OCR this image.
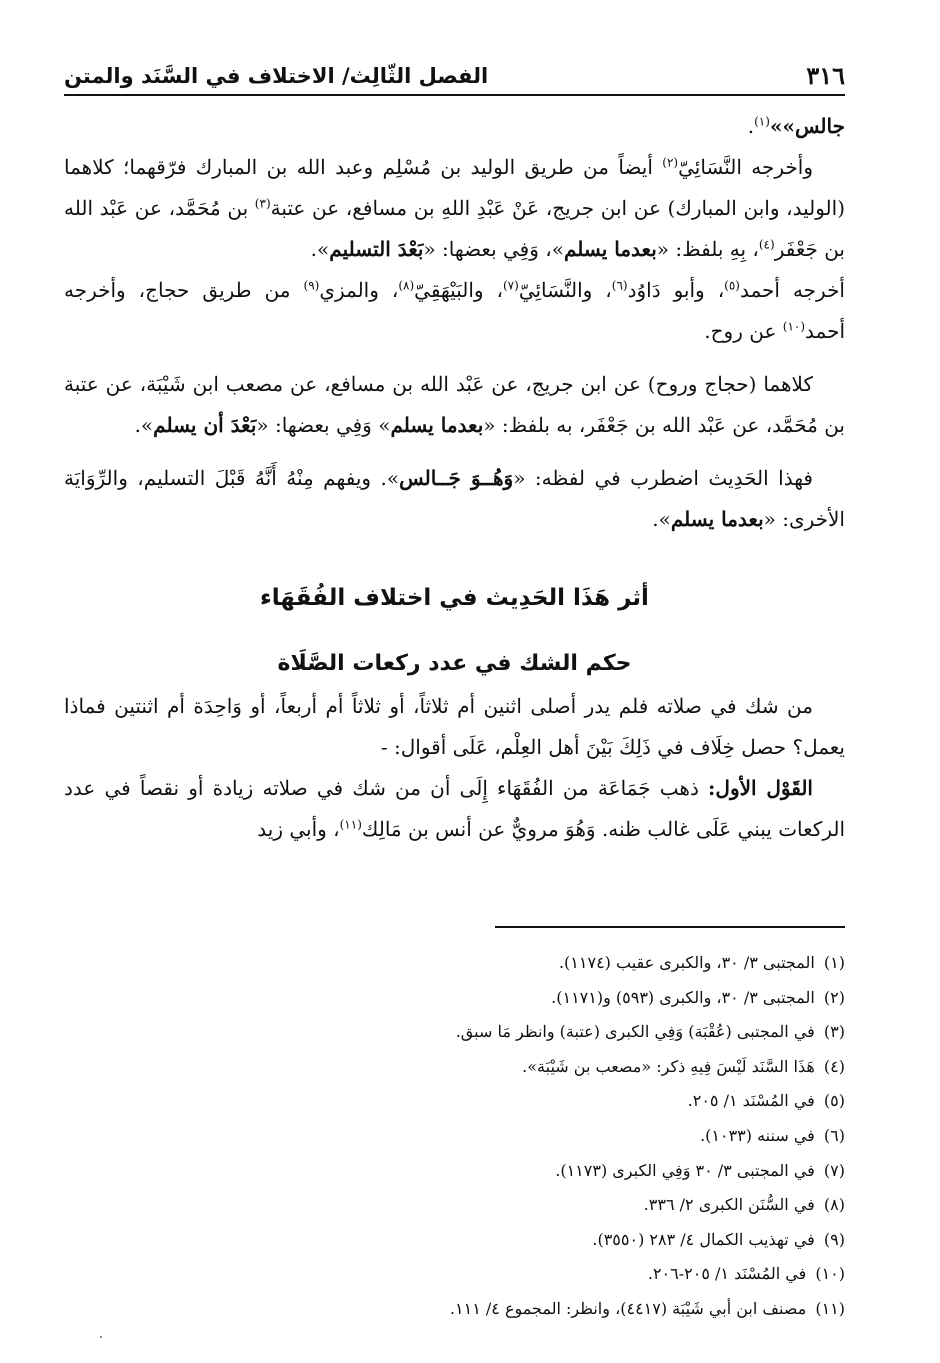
٣١٦
الفصل الثّالِث/ الاختلاف في السَّنَد والمتن

جالس»»$^{(١)}$.

وأخرجه النَّسَائِيّ$^{(٢)}$ أيضاً من طريق الوليد بن مُسْلِم وعبد الله بن المبارك فرّقهما؛ كلاهما (الوليد، وابن المبارك) عن ابن جريج، عَنْ عَبْدِ اللهِ بن مسافع، عن عتبة$^{(٣)}$ بن مُحَمَّد، عن عَبْد الله بن جَعْفَر$^{(٤)}$، بِهِ بلفظ: «بعدما يسلم»، وَفِي بعضها: «بَعْدَ التسليم».

أخرجه أحمد$^{(٥)}$، وأبو دَاوُد$^{(٦)}$، والنَّسَائِيّ$^{(٧)}$، والبَيْهَقِيّ$^{(٨)}$، والمزي$^{(٩)}$ من طريق حجاج، وأخرجه أحمد$^{(١٠)}$ عن روح.

كلاهما (حجاج وروح) عن ابن جريج، عن عَبْد الله بن مسافع، عن مصعب ابن شَيْبَة، عن عتبة بن مُحَمَّد، عن عَبْد الله بن جَعْفَر، به بلفظ: «بعدما يسلم» وَفِي بعضها: «بَعْدَ أن يسلم».

فهذا الحَدِيث اضطرب في لفظه: «وَهُــوَ جَــالس». ويفهم مِنْهُ أَنَّهُ قَبْلَ التسليم، والرِّوَايَة الأخرى: «بعدما يسلم».

أثر هَذَا الحَدِيث في اختلاف الفُقَهَاء
حكم الشك في عدد ركعات الصَّلَاة

من شك في صلاته فلم يدر أصلى اثنين أم ثلاثاً، أو ثلاثاً أم أربعاً، أو وَاحِدَة أم اثنتين فماذا يعمل؟ حصل خِلَاف في ذَلِكَ بَيْنَ أهل العِلْم، عَلَى أقوال: -

القَوْل الأول: ذهب جَمَاعَة من الفُقَهَاء إِلَى أن من شك في صلاته زيادة أو نقصاً في عدد الركعات يبني عَلَى غالب ظنه. وَهُوَ مرويٌّ عن أنس بن مَالِك$^{(١١)}$، وأبي زيد

(١) المجتبى ٣/ ٣٠، والكبرى عقيب (١١٧٤).
(٢) المجتبى ٣/ ٣٠، والكبرى (٥٩٣) و(١١٧١).
(٣) في المجتبى (عُقْبَة) وَفِي الكبرى (عتبة) وانظر مَا سبق.
(٤) هَذَا السَّنَد لَيْسَ فِيهِ ذكر: «مصعب بن شَيْبَة».
(٥) في المُسْنَد ١/ ٢٠٥.
(٦) في سننه (١٠٣٣).
(٧) في المجتبى ٣/ ٣٠ وَفِي الكبرى (١١٧٣).
(٨) في السُّنَن الكبرى ٢/ ٣٣٦.
(٩) في تهذيب الكمال ٤/ ٢٨٣ (٣٥٥٠).
(١٠) في المُسْنَد ١/ ٢٠٥-٢٠٦.
(١١) مصنف ابن أبي شَيْبَة (٤٤١٧)، وانظر: المجموع ٤/ ١١١.
